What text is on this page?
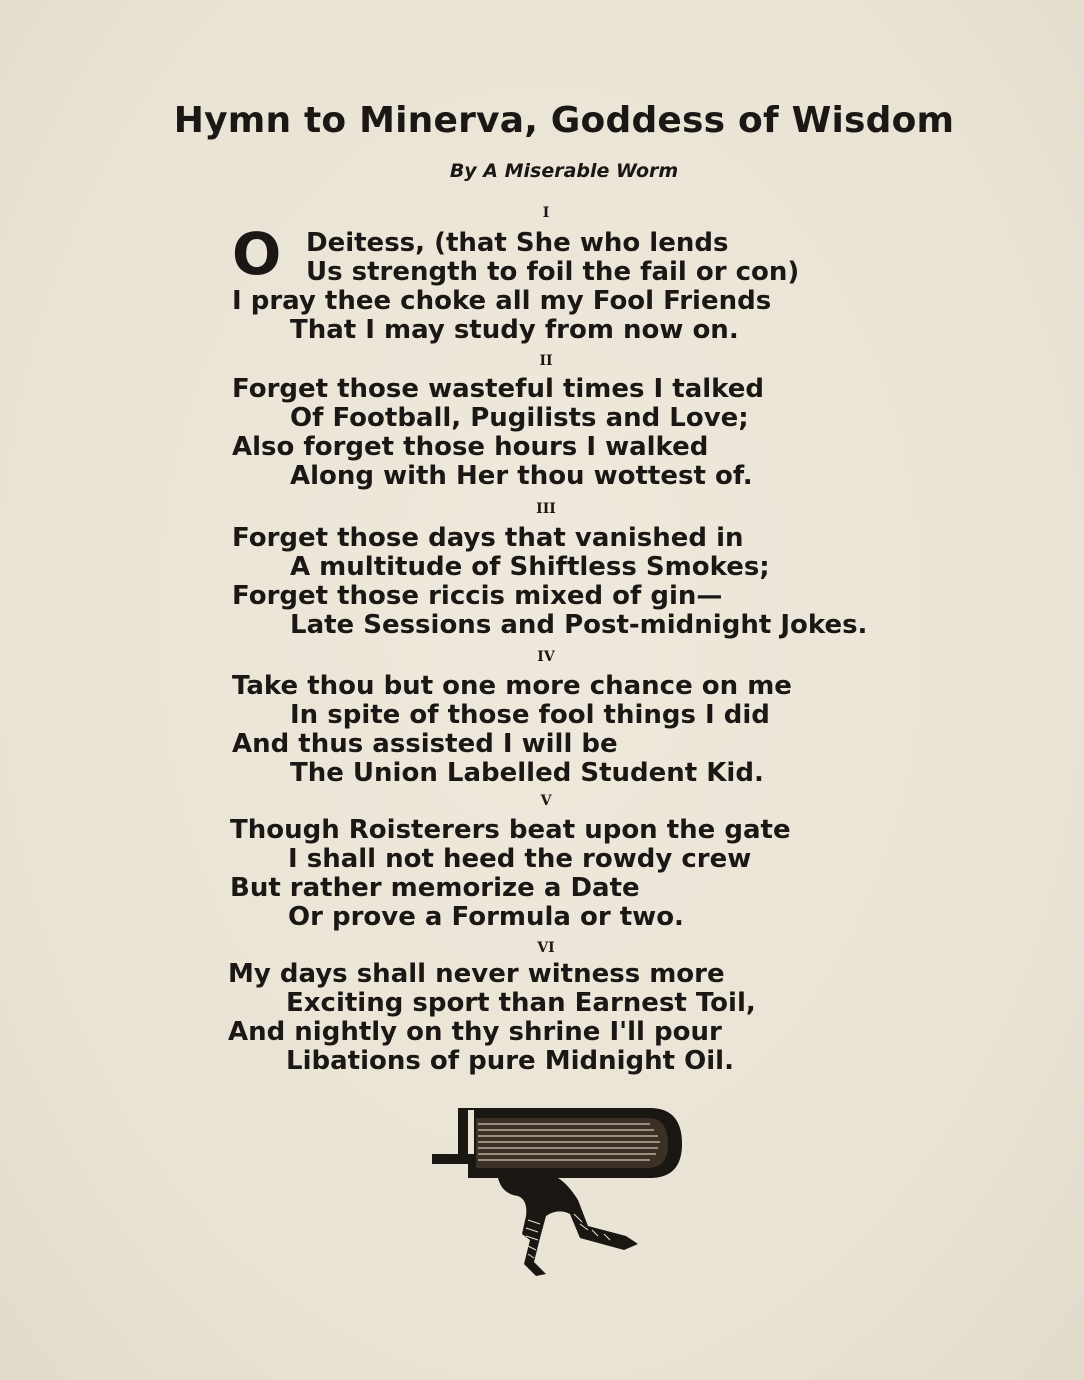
Hymn to Minerva, Goddess of Wisdom
By A Miserable Worm
I
O Deitess, (that She who lends
Us strength to foil the fail or con)
I pray thee choke all my Fool Friends
That I may study from now on.
II
Forget those wasteful times I talked
Of Football, Pugilists and Love;
Also forget those hours I walked
Along with Her thou wottest of.
III
Forget those days that vanished in
A multitude of Shiftless Smokes;
Forget those riccis mixed of gin—
Late Sessions and Post-midnight Jokes.
IV
Take thou but one more chance on me
In spite of those fool things I did
And thus assisted I will be
The Union Labelled Student Kid.
V
Though Roisterers beat upon the gate
I shall not heed the rowdy crew
But rather memorize a Date
Or prove a Formula or two.
VI
My days shall never witness more
Exciting sport than Earnest Toil,
And nightly on thy shrine I'll pour
Libations of pure Midnight Oil.
